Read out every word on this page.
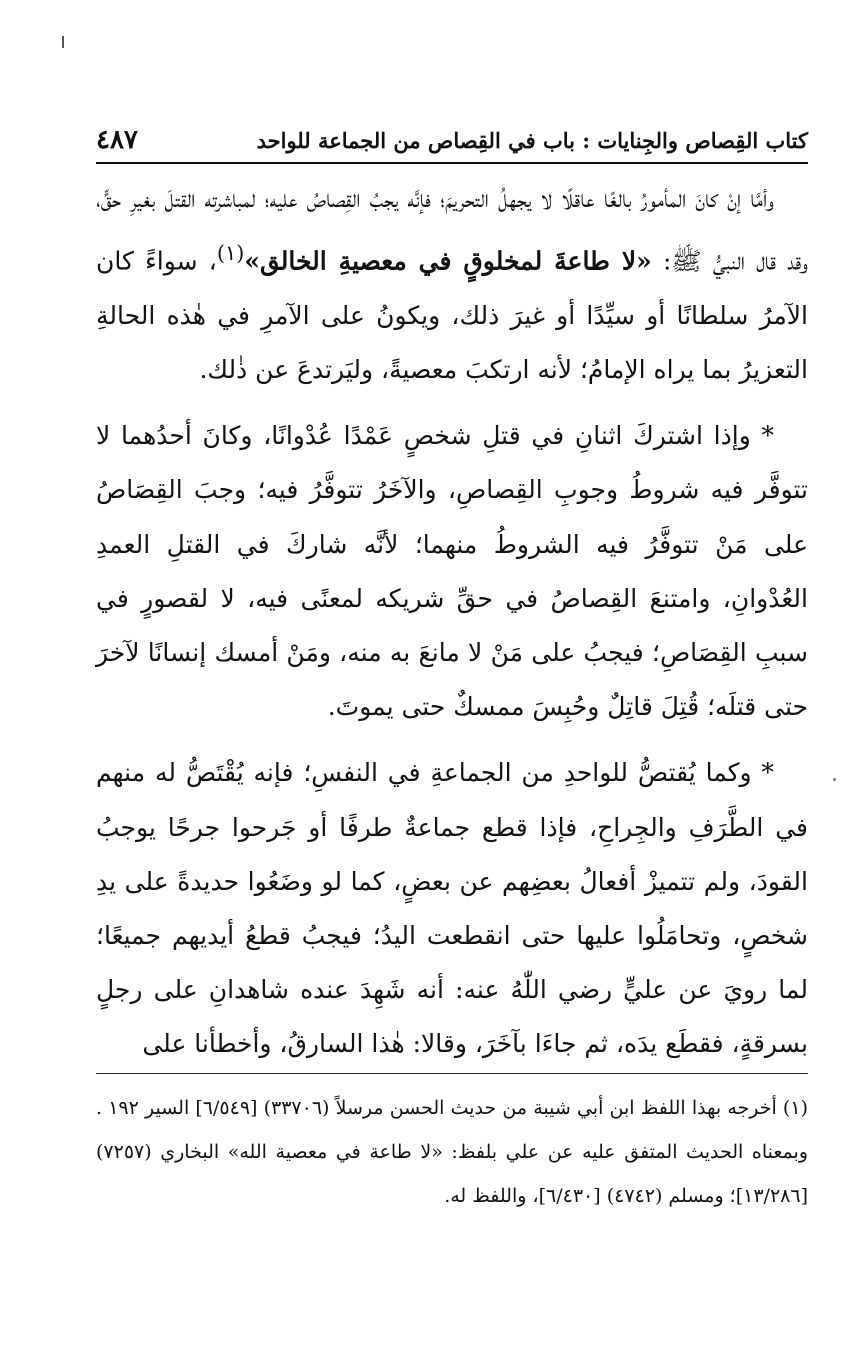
كتاب القِصاص والجِنايات : باب في القِصاص من الجماعة للواحد
٤٨٧

وأمَّا إنْ كانَ المأمورُ بالغًا عاقلًا لا يجهلُ التحريمَ؛ فإنَّه يجبُ القِصاصُ عليه؛ لمباشرته القتلَ بغيرِ حقٍّ، وقد قال النبيُّ ﷺ: «لا طاعةَ لمخلوقٍ في معصيةِ الخالق»$^{(١)}$، سواءً كان الآمرُ سلطانًا أو سيِّدًا أو غيرَ ذلك، ويكونُ على الآمرِ في هٰذه الحالةِ التعزيرُ بما يراه الإمامُ؛ لأنه ارتكبَ معصيةً، وليَرتدعَ عن ذٰلك.

* وإذا اشتركَ اثنانِ في قتلِ شخصٍ عَمْدًا عُدْوانًا، وكانَ أحدُهما لا تتوفَّر فيه شروطُ وجوبِ القِصاصِ، والآخَرُ تتوفَّرُ فيه؛ وجبَ القِصَاصُ على مَنْ تتوفَّرُ فيه الشروطُ منهما؛ لأنَّه شاركَ في القتلِ العمدِ العُدْوانِ، وامتنعَ القِصاصُ في حقِّ شريكه لمعنًى فيه، لا لقصورٍ في سببِ القِصَاصِ؛ فيجبُ على مَنْ لا مانعَ به منه، ومَنْ أمسك إنسانًا لآخرَ حتى قتلَه؛ قُتِلَ قاتِلٌ وحُبِسَ ممسكٌ حتى يموتَ.

* وكما يُقتصُّ للواحدِ من الجماعةِ في النفسِ؛ فإنه يُقْتَصُّ له منهم في الطَّرَفِ والجِراحِ، فإذا قطع جماعةٌ طرفًا أو جَرحوا جرحًا يوجبُ القودَ، ولم تتميزْ أفعالُ بعضِهم عن بعضٍ، كما لو وضَعُوا حديدةً على يدِ شخصٍ، وتحامَلُوا عليها حتى انقطعت اليدُ؛ فيجبُ قطعُ أيديهم جميعًا؛ لما رويَ عن عليٍّ رضي اللّٰهُ عنه: أنه شَهِدَ عنده شاهدانِ على رجلٍ بسرقةٍ، فقطَع يدَه، ثم جاءَا بآخَرَ، وقالا: هٰذا السارقُ، وأخطأنا على

(١) أخرجه بهذا اللفظ ابن أبي شيبة من حديث الحسن مرسلاً (٣٣٧٠٦) [٦/٥٤٩] السير ١٩٢ . وبمعناه الحديث المتفق عليه عن علي بلفظ: «لا طاعة في معصية الله» البخاري (٧٢٥٧) [١٣/٢٨٦]؛ ومسلم (٤٧٤٢) [٦/٤٣٠]، واللفظ له.
